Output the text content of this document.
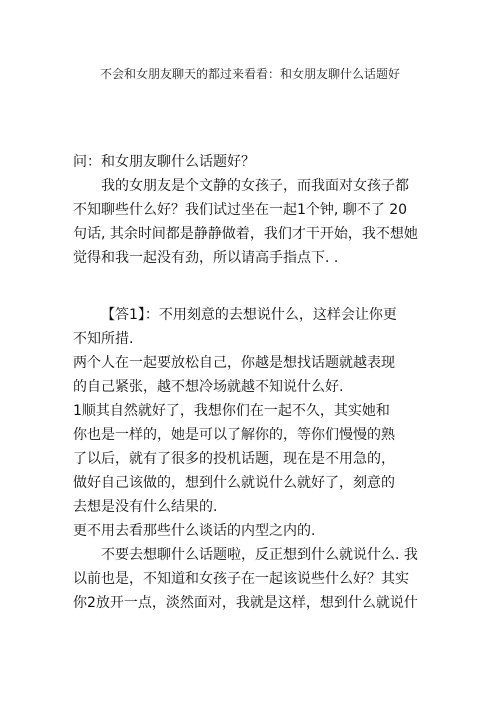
不会和女朋友聊天的都过来看看：和女朋友聊什么话题好
问：和女朋友聊什么话题好？
我的女朋友是个文静的女孩子，而我面对女孩子都
不知聊些什么好？我们试过坐在一起1个钟, 聊不了 20
句话, 其余时间都是静静做着，我们才干开始，我不想她
觉得和我一起没有劲，所以请高手指点下. .
【答1】：不用刻意的去想说什么，这样会让你更
不知所措.
两个人在一起要放松自己，你越是想找话题就越表现
的自己紧张，越不想冷场就越不知说什么好.
1顺其自然就好了，我想你们在一起不久，其实她和
你也是一样的，她是可以了解你的，等你们慢慢的熟
了以后，就有了很多的投机话题，现在是不用急的，
做好自己该做的，想到什么就说什么就好了，刻意的
去想是没有什么结果的.
更不用去看那些什么谈话的内型之内的.
不要去想聊什么话题啦，反正想到什么就说什么. 我
以前也是，不知道和女孩子在一起该说些什么好？其实
你2放开一点，淡然面对，我就是这样，想到什么就说什
